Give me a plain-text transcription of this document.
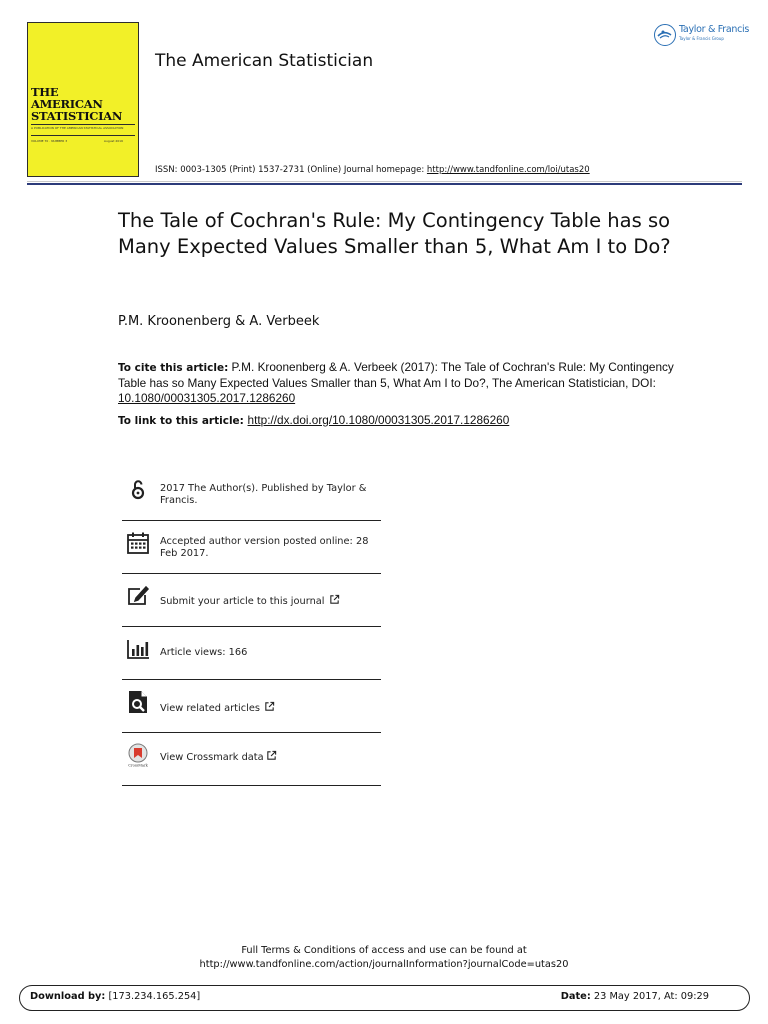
THE
AMERICAN
STATISTICIAN
A PUBLICATION OF THE AMERICAN STATISTICAL ASSOCIATION
VOLUME 70 · NUMBER 3	August 2016
The American Statistician
Taylor & Francis
Taylor & Francis Group
ISSN: 0003-1305 (Print) 1537-2731 (Online) Journal homepage: http://www.tandfonline.com/loi/utas20
The Tale of Cochran's Rule: My Contingency Table has so Many Expected Values Smaller than 5, What Am I to Do?
P.M. Kroonenberg & A. Verbeek
To cite this article: P.M. Kroonenberg & A. Verbeek (2017): The Tale of Cochran's Rule: My Contingency Table has so Many Expected Values Smaller than 5, What Am I to Do?, The American Statistician, DOI: 10.1080/00031305.2017.1286260
To link to this article: http://dx.doi.org/10.1080/00031305.2017.1286260
2017 The Author(s). Published by Taylor & Francis.
Accepted author version posted online: 28 Feb 2017.
Submit your article to this journal
Article views: 166
View related articles
CrossMark
View Crossmark data
Full Terms & Conditions of access and use can be found at
http://www.tandfonline.com/action/journalInformation?journalCode=utas20
Download by: [173.234.165.254]	Date: 23 May 2017, At: 09:29
